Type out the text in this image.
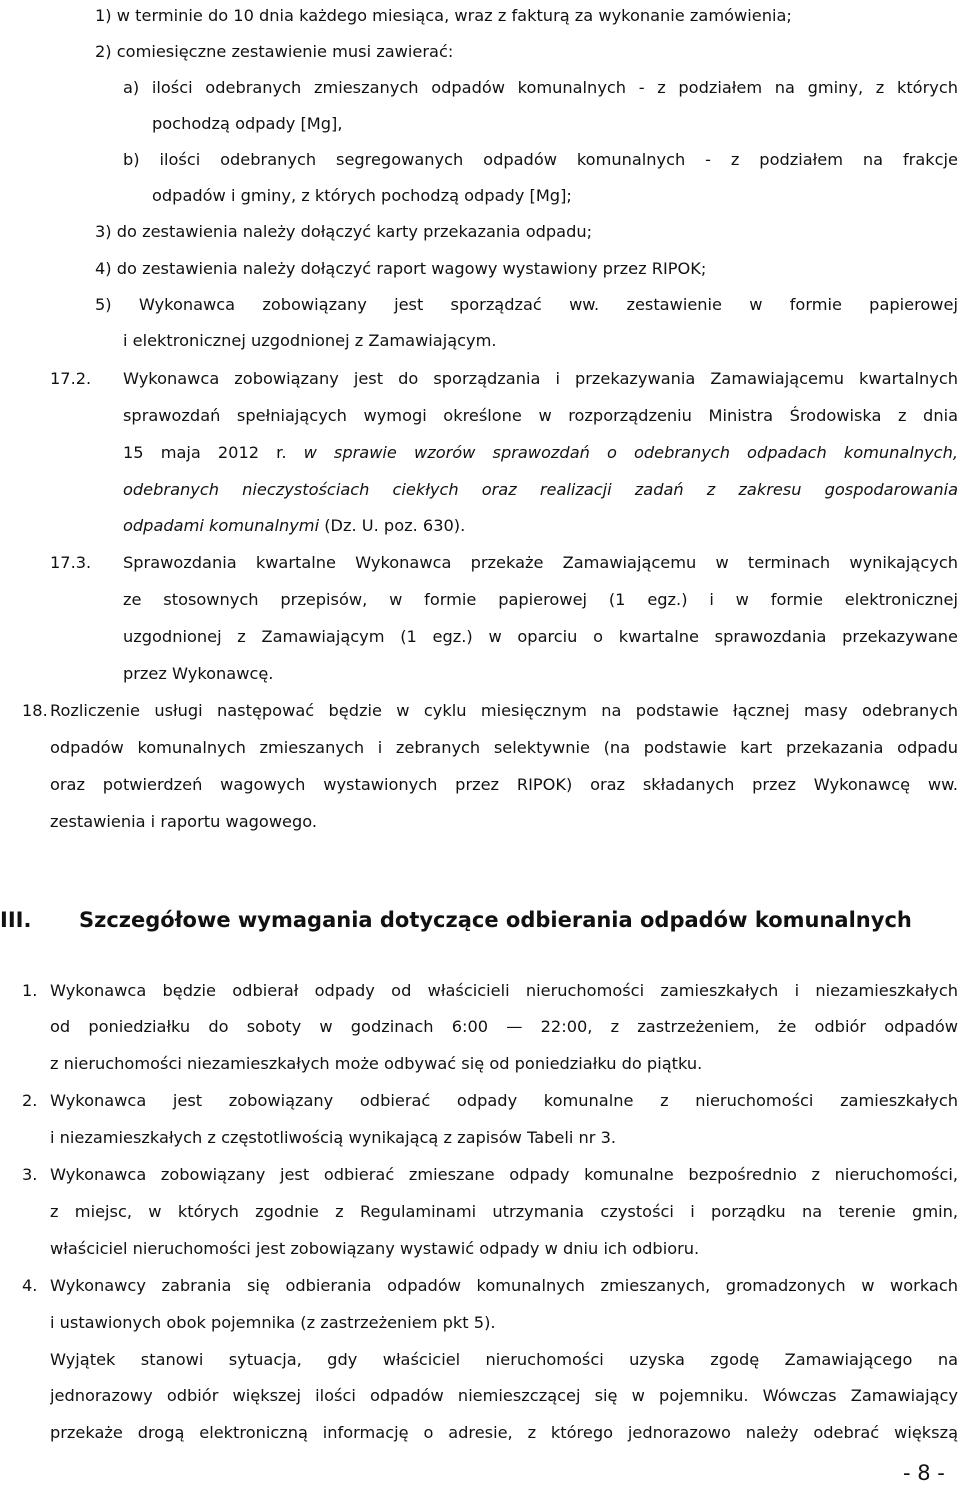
1) w terminie do 10 dnia każdego miesiąca, wraz z fakturą za wykonanie zamówienia;
2) comiesięczne zestawienie musi zawierać:
a) ilości odebranych zmieszanych odpadów komunalnych - z podziałem na gminy, z których
pochodzą odpady [Mg],
b) ilości odebranych segregowanych odpadów komunalnych - z podziałem na frakcje
odpadów i gminy, z których pochodzą odpady [Mg];
3) do zestawienia należy dołączyć karty przekazania odpadu;
4) do zestawienia należy dołączyć raport wagowy wystawiony przez RIPOK;
5) Wykonawca zobowiązany jest sporządzać ww. zestawienie w formie papierowej
i elektronicznej uzgodnionej z Zamawiającym.
17.2. Wykonawca zobowiązany jest do sporządzania i przekazywania Zamawiającemu kwartalnych
sprawozdań spełniających wymogi określone w rozporządzeniu Ministra Środowiska z dnia
15 maja 2012 r. w sprawie wzorów sprawozdań o odebranych odpadach komunalnych,
odebranych nieczystościach ciekłych oraz realizacji zadań z zakresu gospodarowania
odpadami komunalnymi (Dz. U. poz. 630).
17.3. Sprawozdania kwartalne Wykonawca przekaże Zamawiającemu w terminach wynikających
ze stosownych przepisów, w formie papierowej (1 egz.) i w formie elektronicznej
uzgodnionej z Zamawiającym (1 egz.) w oparciu o kwartalne sprawozdania przekazywane
przez Wykonawcę.
18. Rozliczenie usługi następować będzie w cyklu miesięcznym na podstawie łącznej masy odebranych
odpadów komunalnych zmieszanych i zebranych selektywnie (na podstawie kart przekazania odpadu
oraz potwierdzeń wagowych wystawionych przez RIPOK) oraz składanych przez Wykonawcę ww.
zestawienia i raportu wagowego.
III. Szczegółowe wymagania dotyczące odbierania odpadów komunalnych
1. Wykonawca będzie odbierał odpady od właścicieli nieruchomości zamieszkałych i niezamieszkałych
od poniedziałku do soboty w godzinach 6:00 — 22:00, z zastrzeżeniem, że odbiór odpadów
z nieruchomości niezamieszkałych może odbywać się od poniedziałku do piątku.
2. Wykonawca jest zobowiązany odbierać odpady komunalne z nieruchomości zamieszkałych
i niezamieszkałych z częstotliwością wynikającą z zapisów Tabeli nr 3.
3. Wykonawca zobowiązany jest odbierać zmieszane odpady komunalne bezpośrednio z nieruchomości,
z miejsc, w których zgodnie z Regulaminami utrzymania czystości i porządku na terenie gmin,
właściciel nieruchomości jest zobowiązany wystawić odpady w dniu ich odbioru.
4. Wykonawcy zabrania się odbierania odpadów komunalnych zmieszanych, gromadzonych w workach
i ustawionych obok pojemnika (z zastrzeżeniem pkt 5).
Wyjątek stanowi sytuacja, gdy właściciel nieruchomości uzyska zgodę Zamawiającego na
jednorazowy odbiór większej ilości odpadów niemieszczącej się w pojemniku. Wówczas Zamawiający
przekaże drogą elektroniczną informację o adresie, z którego jednorazowo należy odebrać większą
- 8 -
